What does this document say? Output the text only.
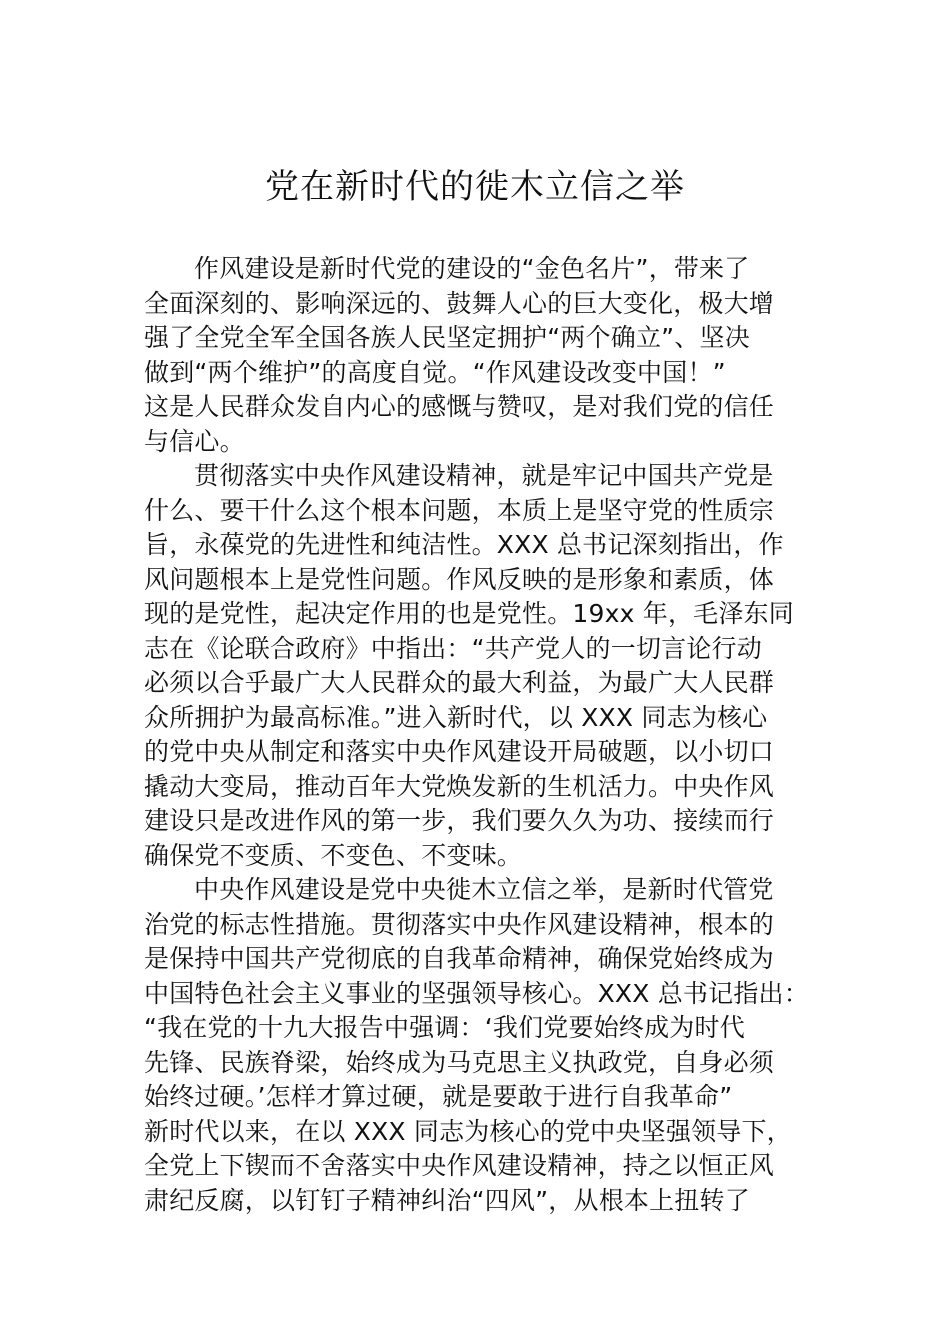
党在新时代的徙木立信之举
作风建设是新时代党的建设的“金色名片”，带来了
全面深刻的、影响深远的、鼓舞人心的巨大变化，极大增
强了全党全军全国各族人民坚定拥护“两个确立”、坚决
做到“两个维护”的高度自觉。“作风建设改变中国！”
这是人民群众发自内心的感慨与赞叹，是对我们党的信任
与信心。
贯彻落实中央作风建设精神，就是牢记中国共产党是
什么、要干什么这个根本问题，本质上是坚守党的性质宗
旨，永葆党的先进性和纯洁性。XXX 总书记深刻指出，作
风问题根本上是党性问题。作风反映的是形象和素质，体
现的是党性，起决定作用的也是党性。19xx 年，毛泽东同
志在《论联合政府》中指出：“共产党人的一切言论行动
必须以合乎最广大人民群众的最大利益，为最广大人民群
众所拥护为最高标准。”进入新时代，以 XXX 同志为核心
的党中央从制定和落实中央作风建设开局破题，以小切口
撬动大变局，推动百年大党焕发新的生机活力。中央作风
建设只是改进作风的第一步，我们要久久为功、接续而行
确保党不变质、不变色、不变味。
中央作风建设是党中央徙木立信之举，是新时代管党
治党的标志性措施。贯彻落实中央作风建设精神，根本的
是保持中国共产党彻底的自我革命精神，确保党始终成为
中国特色社会主义事业的坚强领导核心。XXX 总书记指出：
“我在党的十九大报告中强调：‘我们党要始终成为时代
先锋、民族脊梁，始终成为马克思主义执政党，自身必须
始终过硬。’怎样才算过硬，就是要敢于进行自我革命”
新时代以来，在以 XXX 同志为核心的党中央坚强领导下，
全党上下锲而不舍落实中央作风建设精神，持之以恒正风
肃纪反腐，以钉钉子精神纠治“四风”，从根本上扭转了
